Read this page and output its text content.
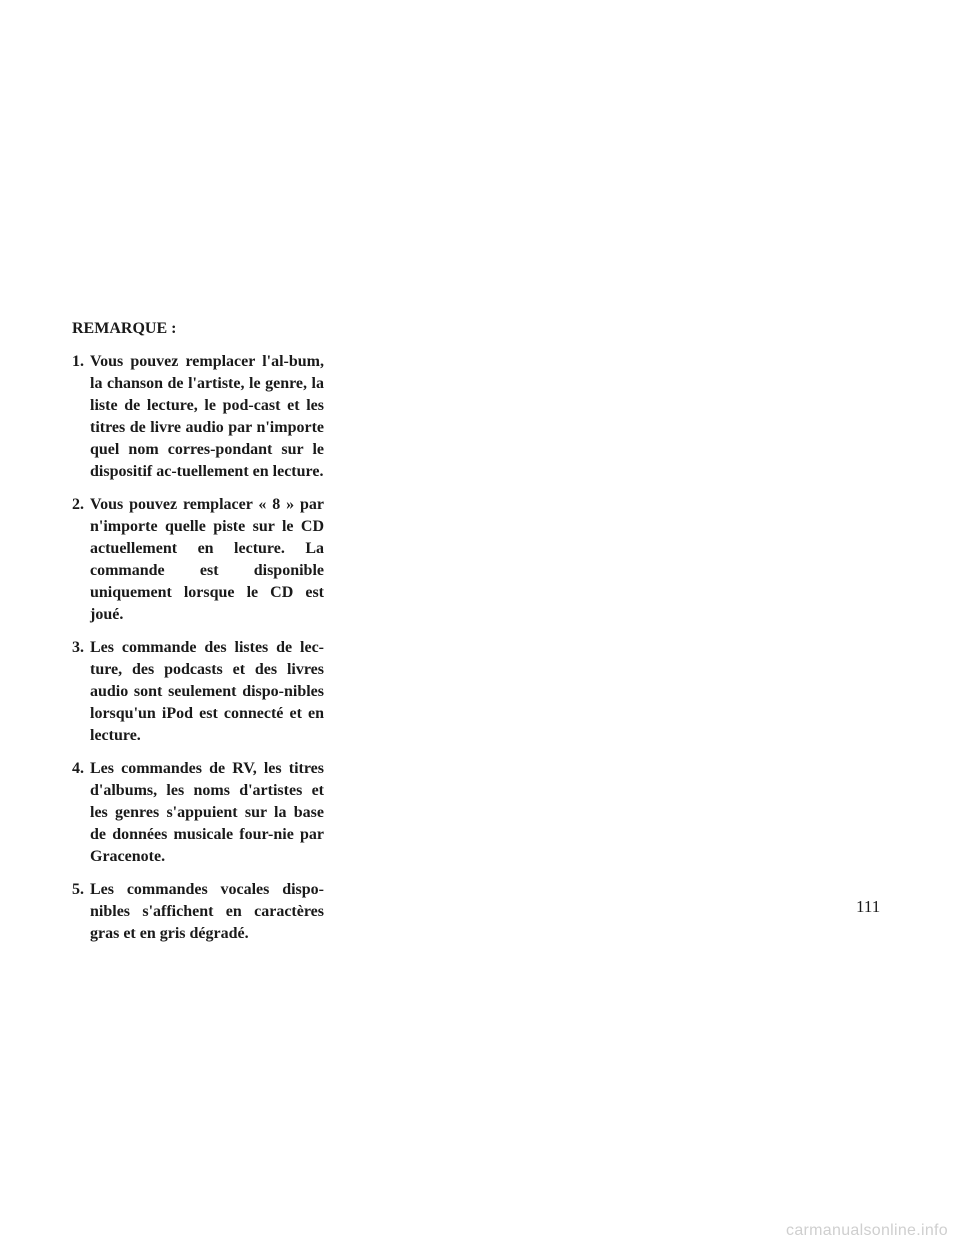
REMARQUE :
1. Vous pouvez remplacer l'al-bum, la chanson de l'artiste, le genre, la liste de lecture, le pod-cast et les titres de livre audio par n'importe quel nom corres-pondant sur le dispositif ac-tuellement en lecture.
2. Vous pouvez remplacer « 8 » par n'importe quelle piste sur le CD actuellement en lecture. La commande est disponible uniquement lorsque le CD est joué.
3. Les commande des listes de lec-ture, des podcasts et des livres audio sont seulement dispo-nibles lorsqu'un iPod est connecté et en lecture.
4. Les commandes de RV, les titres d'albums, les noms d'artistes et les genres s'appuient sur la base de données musicale four-nie par Gracenote.
5. Les commandes vocales dispo-nibles s'affichent en caractères gras et en gris dégradé.
111
carmanualsonline.info
